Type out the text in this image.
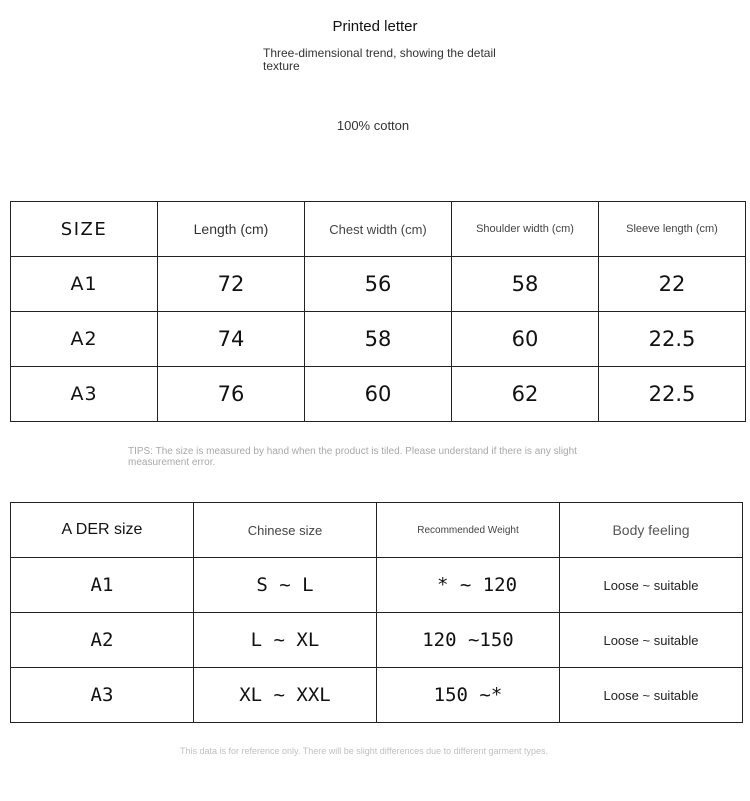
Printed letter
Three-dimensional trend, showing the detail texture
100% cotton
SIZE	Length (cm)	Chest width (cm)	Shoulder width (cm)	Sleeve length (cm)
A1	72	56	58	22
A2	74	58	60	22.5
A3	76	60	62	22.5
TIPS: The size is measured by hand when the product is tiled. Please understand if there is any slight measurement error.
A DER size	Chinese size	Recommended Weight	Body feeling
A1	S ~ L	* ~ 120	Loose ~ suitable
A2	L ~ XL	120 ~150	Loose ~ suitable
A3	XL ~ XXL	150 ~*	Loose ~ suitable
This data is for reference only. There will be slight differences due to different garment types.
